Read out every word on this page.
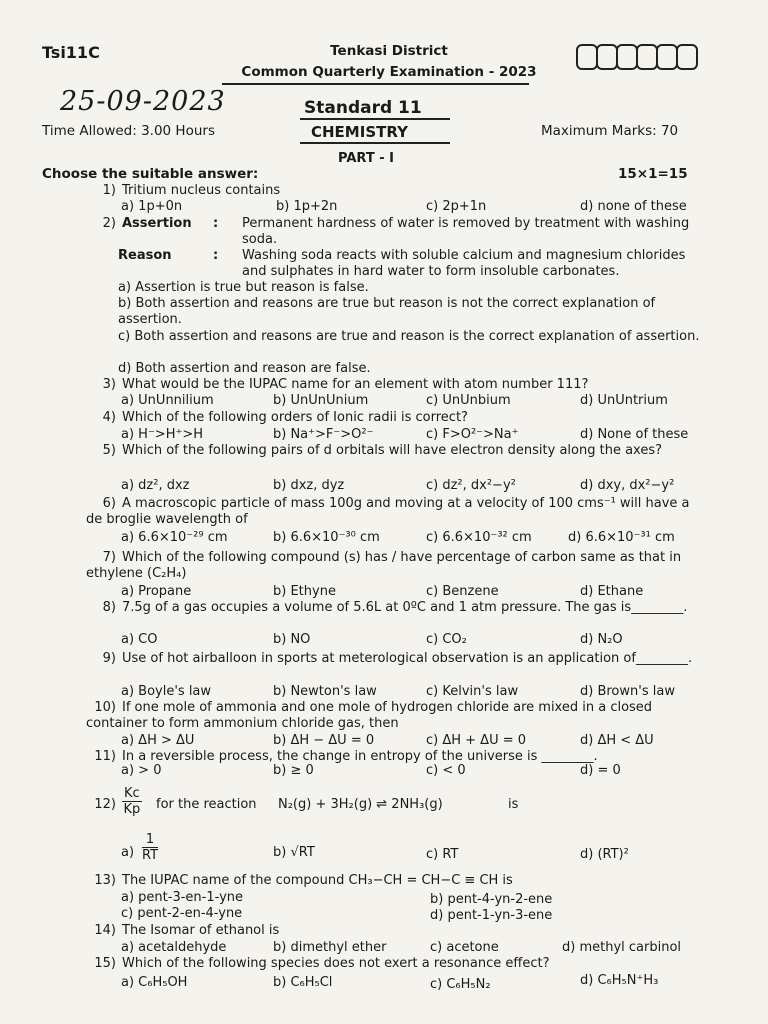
Tsi11C	Tenkasi District
Common Quarterly Examination - 2023
25-09-2023	Standard 11
Time Allowed: 3.00 Hours	CHEMISTRY	Maximum Marks: 70
PART - I
Choose the suitable answer:	15×1=15
1) Tritium nucleus contains
a) 1p+0n	b) 1p+2n	c) 2p+1n	d) none of these
2) Assertion : Permanent hardness of water is removed by treatment with washing soda.
Reason	: Washing soda reacts with soluble calcium and magnesium chlorides and sulphates in hard water to form insoluble carbonates.
a) Assertion is true but reason is false.
b) Both assertion and reasons are true but reason is not the correct explanation of assertion.
c) Both assertion and reasons are true and reason is the correct explanation of assertion.
d) Both assertion and reason are false.
3) What would be the IUPAC name for an element with atom number 111?
a) UnUnnilium	b) UnUnUnium	c) UnUnbium	d) UnUntrium
4) Which of the following orders of Ionic radii is correct?
a) H⁻>H⁺>H	b) Na⁺>F⁻>O²⁻	c) F>O²⁻>Na⁺	d) None of these
5) Which of the following pairs of d orbitals will have electron density along the axes?
a) dz², dxz	b) dxz, dyz	c) dz², dx²−y²	d) dxy, dx²−y²
6) A macroscopic particle of mass 100g and moving at a velocity of 100 cms⁻¹ will have a de broglie wavelength of
a) 6.6×10⁻²⁹ cm	b) 6.6×10⁻³⁰ cm	c) 6.6×10⁻³² cm	d) 6.6×10⁻³¹ cm
7) Which of the following compound (s) has / have percentage of carbon same as that in ethylene (C₂H₄)
a) Propane	b) Ethyne	c) Benzene	d) Ethane
8) 7.5g of a gas occupies a volume of 5.6L at 0ºC and 1 atm pressure. The gas is________.
a) CO	b) NO	c) CO₂	d) N₂O
9) Use of hot airballoon in sports at meterological observation is an application of________.
a) Boyle's law	b) Newton's law	c) Kelvin's law	d) Brown's law
10) If one mole of ammonia and one mole of hydrogen chloride are mixed in a closed container to form ammonium chloride gas, then
a) ΔH > ΔU	b) ΔH − ΔU = 0	c) ΔH + ΔU = 0	d) ΔH < ΔU
11) In a reversible process, the change in entropy of the universe is ________.
a) > 0	b) ≥ 0	c) < 0	d) = 0
$12) \frac{Kc}{Kp}$ for the reaction N₂(g) + 3H₂(g) ⇌ 2NH₃(g)	is
$a) \frac{1}{RT}$	b) √RT	c) RT	d) (RT)²
13) The IUPAC name of the compound CH₃−CH = CH−C ≡ CH is
a) pent-3-en-1-yne	b) pent-4-yn-2-ene
c) pent-2-en-4-yne	d) pent-1-yn-3-ene
14) The Isomar of ethanol is
a) acetaldehyde	b) dimethyl ether	c) acetone	d) methyl carbinol
15) Which of the following species does not exert a resonance effect?
a) C₆H₅OH	b) C₆H₅Cl	c) C₆H₅N₂	d) C₆H₅N⁺H₃
